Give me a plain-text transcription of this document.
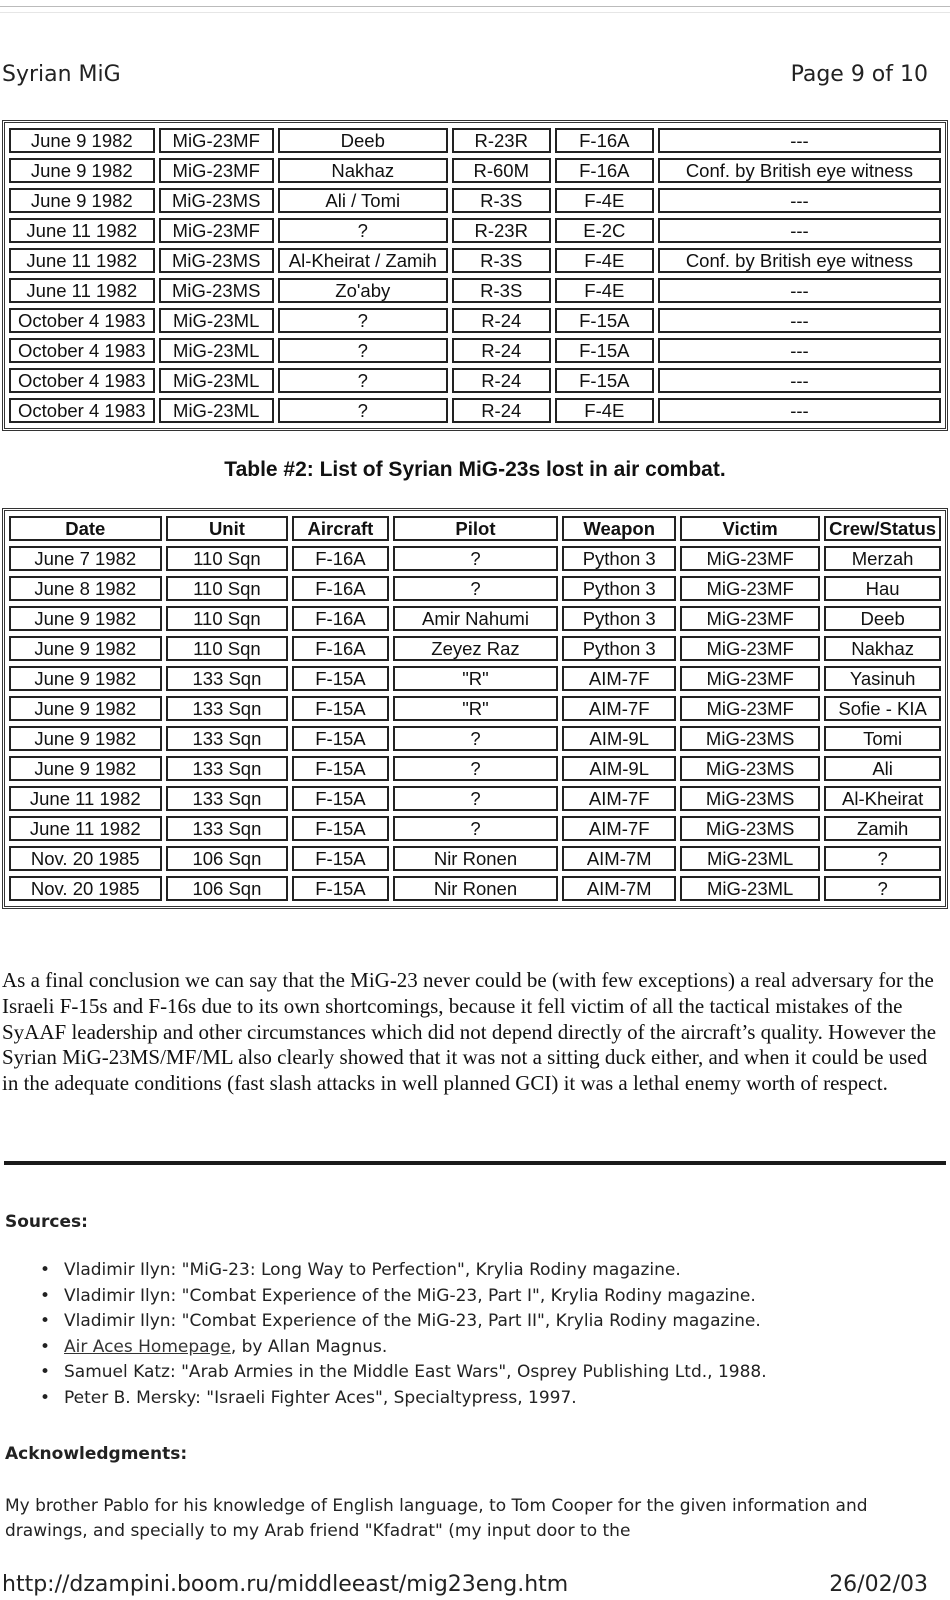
Syrian MiG	Page 9 of 10
June 9 1982	MiG-23MF	Deeb	R-23R	F-16A	---
June 9 1982	MiG-23MF	Nakhaz	R-60M	F-16A	Conf. by British eye witness
June 9 1982	MiG-23MS	Ali / Tomi	R-3S	F-4E	---
June 11 1982	MiG-23MF	?	R-23R	E-2C	---
June 11 1982	MiG-23MS	Al-Kheirat / Zamih	R-3S	F-4E	Conf. by British eye witness
June 11 1982	MiG-23MS	Zo'aby	R-3S	F-4E	---
October 4 1983	MiG-23ML	?	R-24	F-15A	---
October 4 1983	MiG-23ML	?	R-24	F-15A	---
October 4 1983	MiG-23ML	?	R-24	F-15A	---
October 4 1983	MiG-23ML	?	R-24	F-4E	---
Table #2: List of Syrian MiG-23s lost in air combat.
Date	Unit	Aircraft	Pilot	Weapon	Victim	Crew/Status
June 7 1982	110 Sqn	F-16A	?	Python 3	MiG-23MF	Merzah
June 8 1982	110 Sqn	F-16A	?	Python 3	MiG-23MF	Hau
June 9 1982	110 Sqn	F-16A	Amir Nahumi	Python 3	MiG-23MF	Deeb
June 9 1982	110 Sqn	F-16A	Zeyez Raz	Python 3	MiG-23MF	Nakhaz
June 9 1982	133 Sqn	F-15A	"R"	AIM-7F	MiG-23MF	Yasinuh
June 9 1982	133 Sqn	F-15A	"R"	AIM-7F	MiG-23MF	Sofie - KIA
June 9 1982	133 Sqn	F-15A	?	AIM-9L	MiG-23MS	Tomi
June 9 1982	133 Sqn	F-15A	?	AIM-9L	MiG-23MS	Ali
June 11 1982	133 Sqn	F-15A	?	AIM-7F	MiG-23MS	Al-Kheirat
June 11 1982	133 Sqn	F-15A	?	AIM-7F	MiG-23MS	Zamih
Nov. 20 1985	106 Sqn	F-15A	Nir Ronen	AIM-7M	MiG-23ML	?
Nov. 20 1985	106 Sqn	F-15A	Nir Ronen	AIM-7M	MiG-23ML	?

As a final conclusion we can say that the MiG-23 never could be (with few exceptions) a real adversary for the Israeli F-15s and F-16s due to its own shortcomings, because it fell victim of all the tactical mistakes of the SyAAF leadership and other circumstances which did not depend directly of the aircraft’s quality. However the Syrian MiG-23MS/MF/ML also clearly showed that it was not a sitting duck either, and when it could be used in the adequate conditions (fast slash attacks in well planned GCI) it was a lethal enemy worth of respect.

Sources:
• Vladimir Ilyn: "MiG-23: Long Way to Perfection", Krylia Rodiny magazine.
• Vladimir Ilyn: "Combat Experience of the MiG-23, Part I", Krylia Rodiny magazine.
• Vladimir Ilyn: "Combat Experience of the MiG-23, Part II", Krylia Rodiny magazine.
• Air Aces Homepage, by Allan Magnus.
• Samuel Katz: "Arab Armies in the Middle East Wars", Osprey Publishing Ltd., 1988.
• Peter B. Mersky: "Israeli Fighter Aces", Specialtypress, 1997.
Acknowledgments:

My brother Pablo for his knowledge of English language, to Tom Cooper for the given information and drawings, and specially to my Arab friend "Kfadrat" (my input door to the

http://dzampini.boom.ru/middleeast/mig23eng.htm	26/02/03
